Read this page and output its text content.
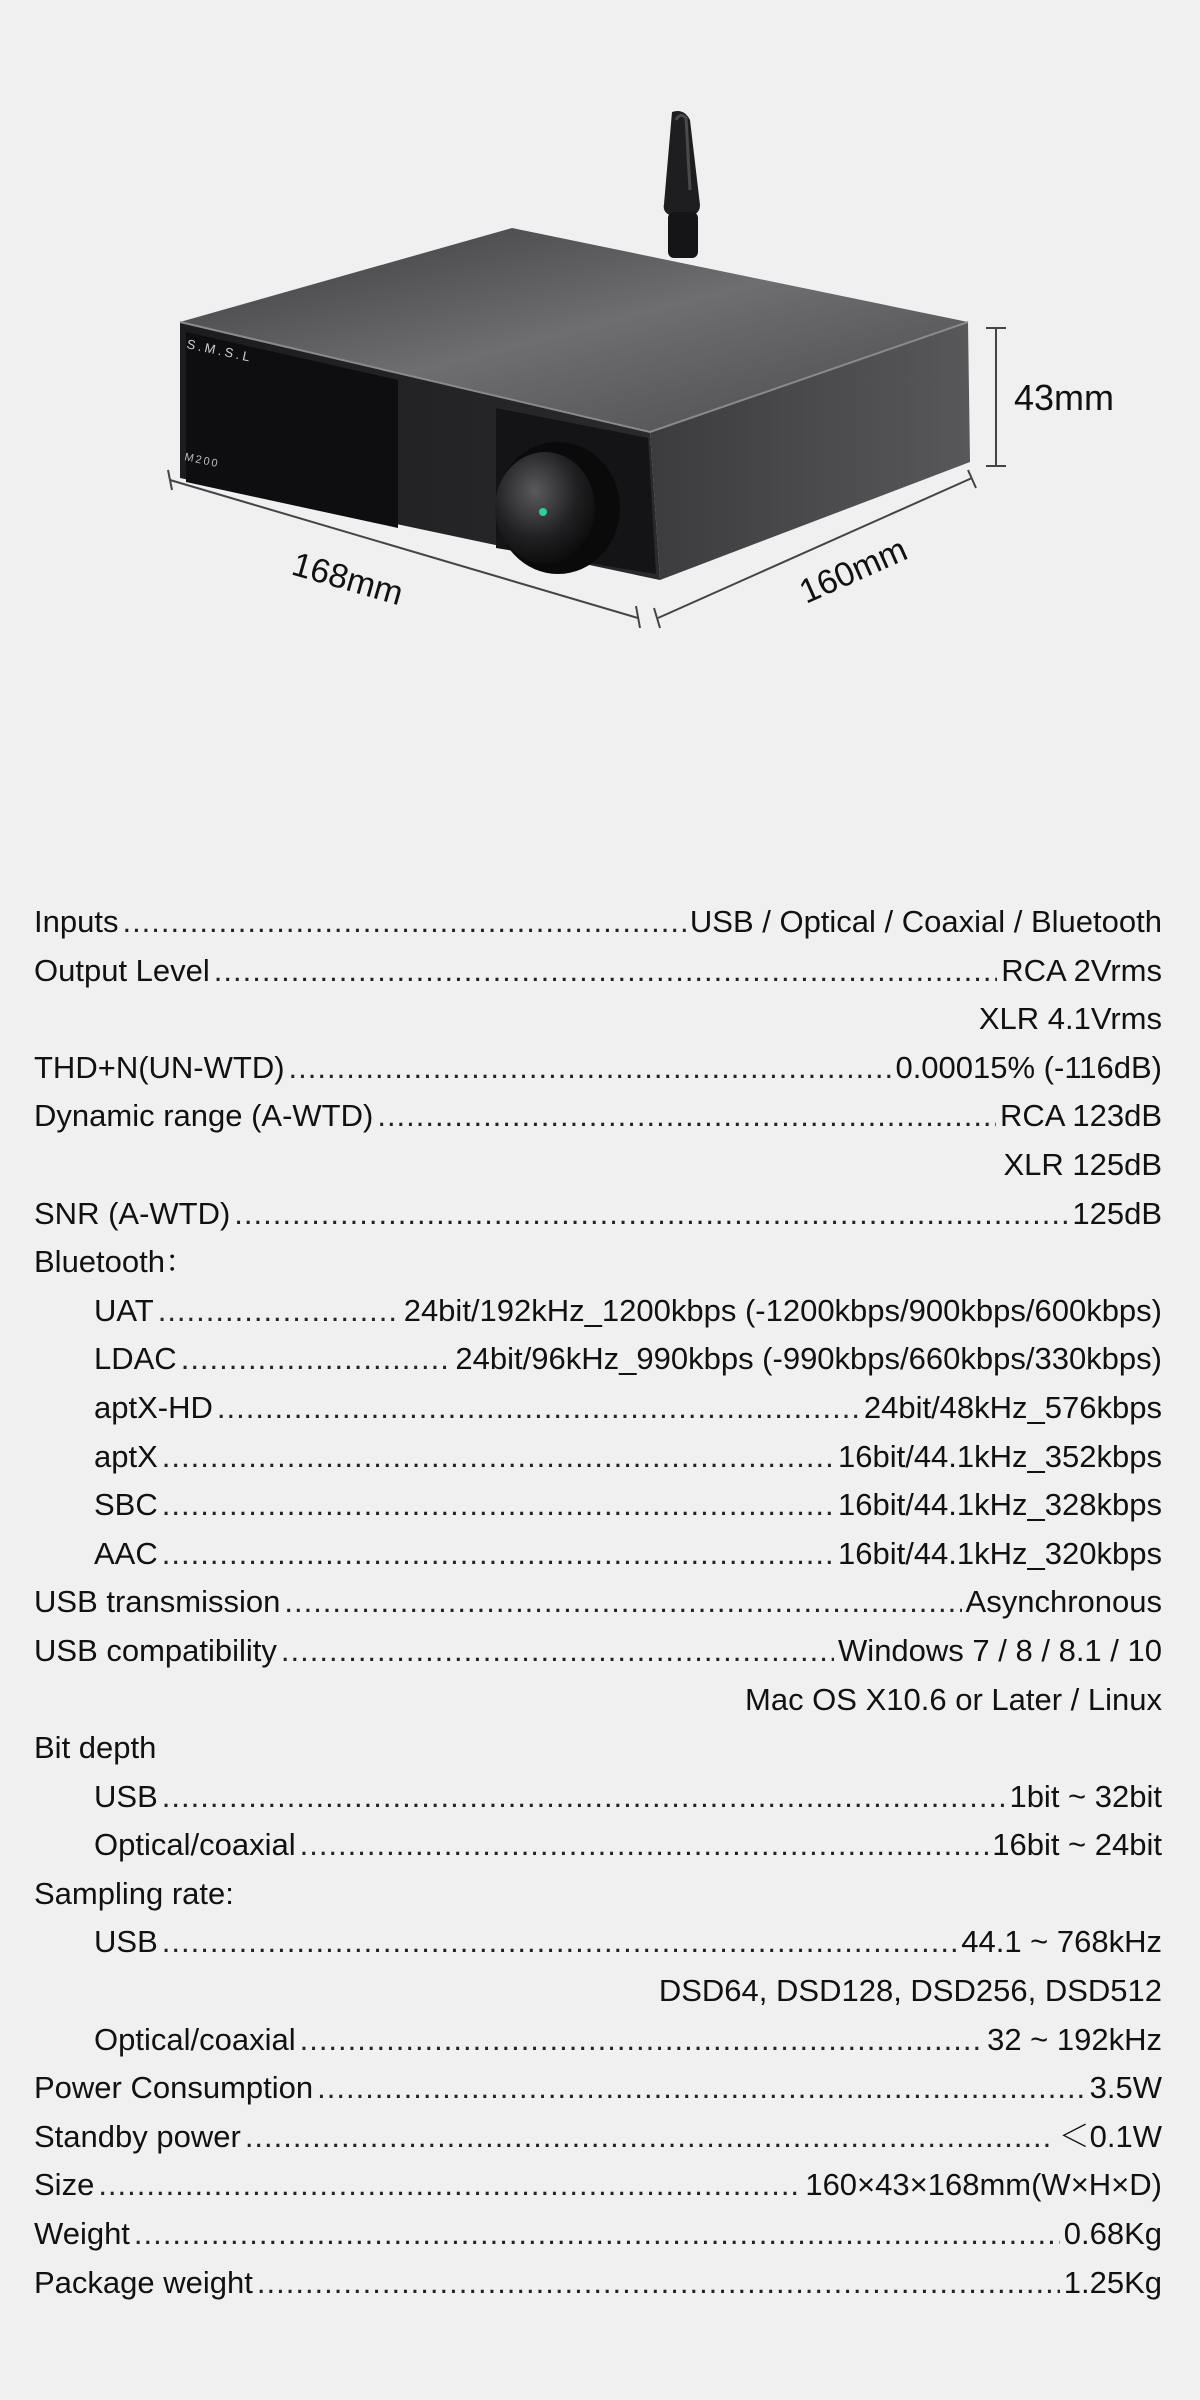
S.M.S.L
M200
168mm	160mm
43mm
Inputs .....	USB / Optical / Coaxial / Bluetooth
Output Level .....	RCA 2Vrms
XLR 4.1Vrms
THD+N(UN-WTD) .....	0.00015% (-116dB)
Dynamic range (A-WTD) .....	RCA 123dB
XLR 125dB
SNR (A-WTD) .....	125dB
Bluetooth：
UAT .....	24bit/192kHz_1200kbps (-1200kbps/900kbps/600kbps)
LDAC .....	24bit/96kHz_990kbps (-990kbps/660kbps/330kbps)
aptX-HD .....	24bit/48kHz_576kbps
aptX .....	16bit/44.1kHz_352kbps
SBC .....	16bit/44.1kHz_328kbps
AAC .....	16bit/44.1kHz_320kbps
USB transmission .....	Asynchronous
USB compatibility .....	Windows 7 / 8 / 8.1 / 10
Mac OS X10.6 or Later / Linux
Bit depth
USB .....	1bit ~ 32bit
Optical/coaxial .....	16bit ~ 24bit
Sampling rate:
USB .....	44.1 ~ 768kHz
DSD64, DSD128, DSD256, DSD512
Optical/coaxial .....	32 ~ 192kHz
Power Consumption .....	3.5W
Standby power .....	＜0.1W
Size .....	160×43×168mm(W×H×D)
Weight .....	0.68Kg
Package weight .....	1.25Kg
